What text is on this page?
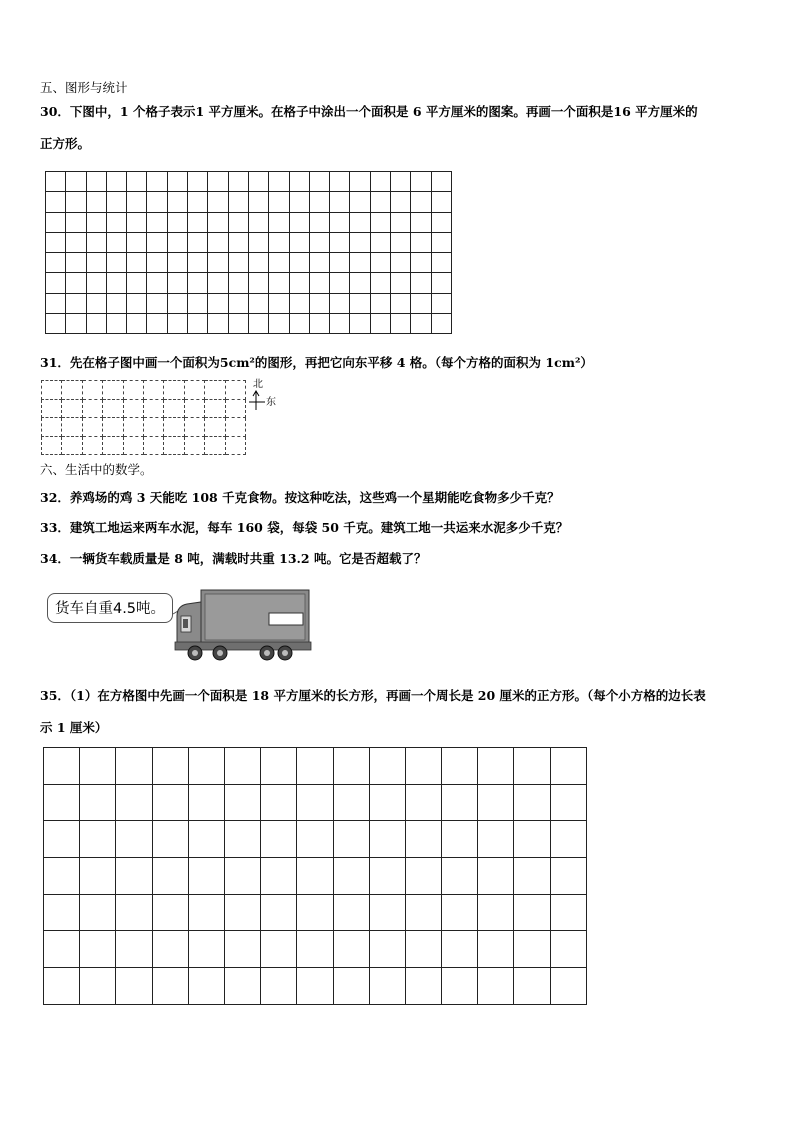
五、图形与统计
30．下图中，1 个格子表示1 平方厘米。在格子中涂出一个面积是 6 平方厘米的图案。再画一个面积是16 平方厘米的
正方形。

31．先在格子图中画一个面积为5cm²的图形，再把它向东平移 4 格。（每个方格的面积为 1cm²）

北
东
六、生活中的数学。
32．养鸡场的鸡 3 天能吃 108 千克食物。按这种吃法，这些鸡一个星期能吃食物多少千克？
33．建筑工地运来两车水泥，每车 160 袋，每袋 50 千克。建筑工地一共运来水泥多少千克？
34．一辆货车载质量是 8 吨，满载时共重 13.2 吨。它是否超载了？
货车自重4.5吨。
35．（1）在方格图中先画一个面积是 18 平方厘米的长方形，再画一个周长是 20 厘米的正方形。（每个小方格的边长表
示 1 厘米）
